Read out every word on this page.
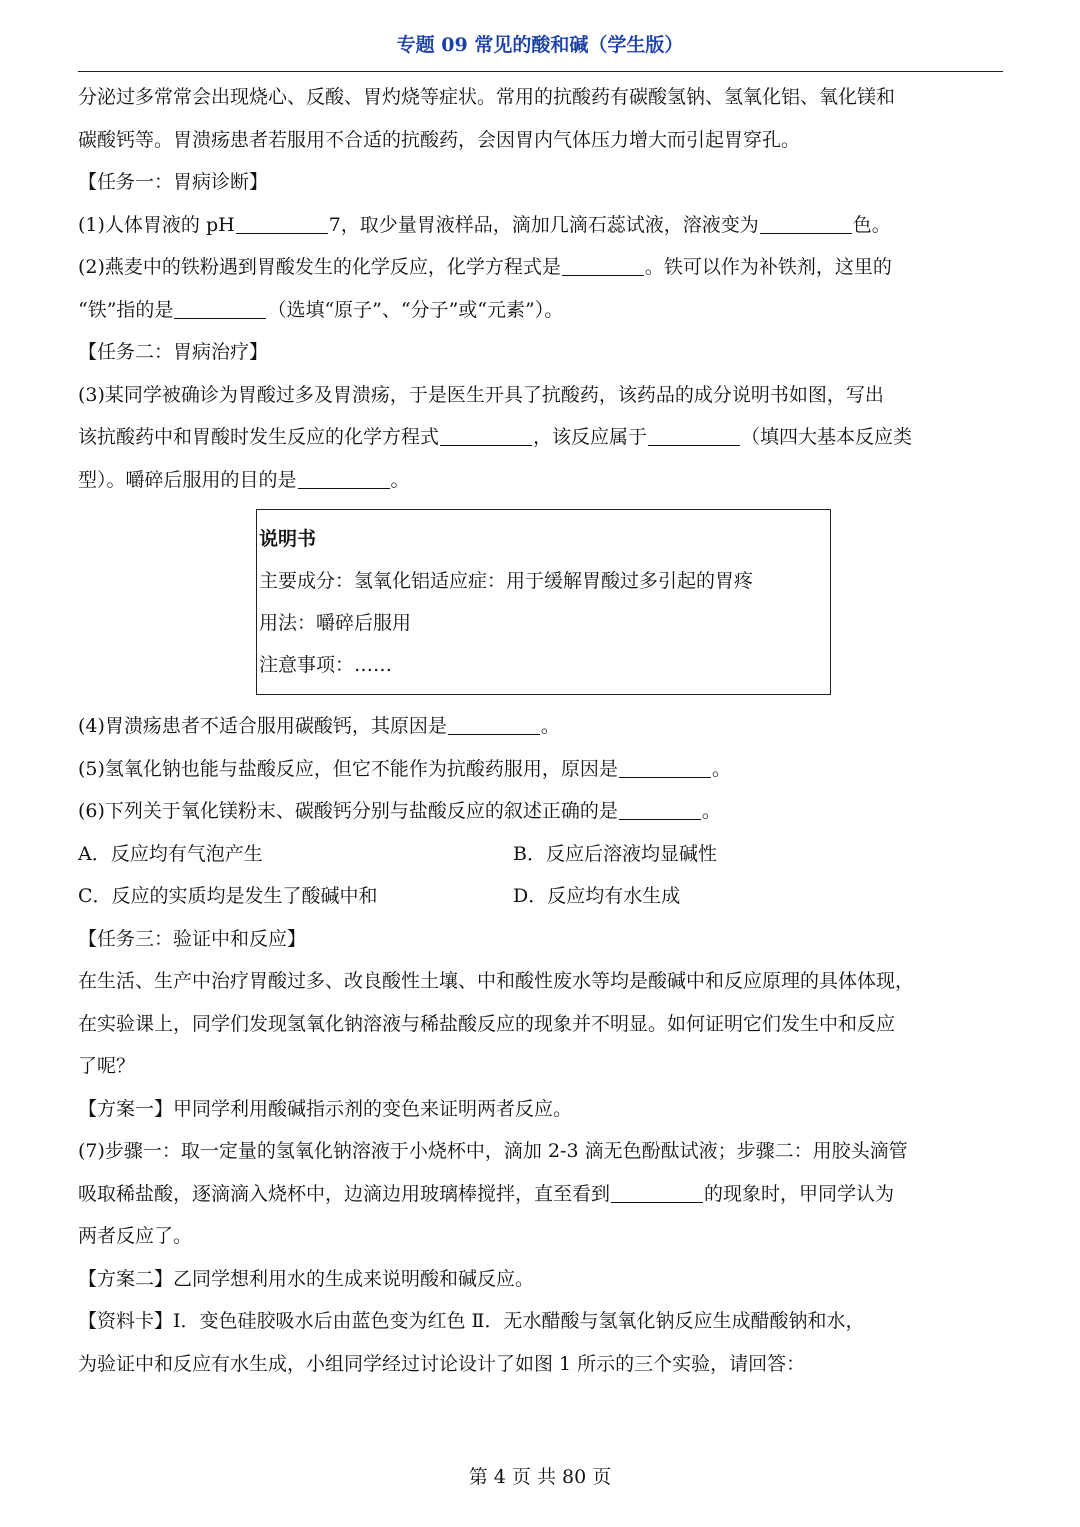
专题 09 常见的酸和碱（学生版）

分泌过多常常会出现烧心、反酸、胃灼烧等症状。常用的抗酸药有碳酸氢钠、氢氧化铝、氧化镁和

碳酸钙等。胃溃疡患者若服用不合适的抗酸药，会因胃内气体压力增大而引起胃穿孔。

【任务一：胃病诊断】

(1)人体胃液的 pH	7，取少量胃液样品，滴加几滴石蕊试液，溶液变为	色。

(2)燕麦中的铁粉遇到胃酸发生的化学反应，化学方程式是	。铁可以作为补铁剂，这里的

“铁”指的是	（选填“原子”、“分子”或“元素”）。

【任务二：胃病治疗】

(3)某同学被确诊为胃酸过多及胃溃疡，于是医生开具了抗酸药，该药品的成分说明书如图，写出

该抗酸药中和胃酸时发生反应的化学方程式	，该反应属于	（填四大基本反应类

型）。嚼碎后服用的目的是	。

说明书

主要成分：氢氧化铝适应症：用于缓解胃酸过多引起的胃疼

用法：嚼碎后服用

注意事项：……

(4)胃溃疡患者不适合服用碳酸钙，其原因是	。

(5)氢氧化钠也能与盐酸反应，但它不能作为抗酸药服用，原因是	。

(6)下列关于氧化镁粉末、碳酸钙分别与盐酸反应的叙述正确的是	。

A．反应均有气泡产生	B．反应后溶液均显碱性

C．反应的实质均是发生了酸碱中和	D．反应均有水生成

【任务三：验证中和反应】

在生活、生产中治疗胃酸过多、改良酸性土壤、中和酸性废水等均是酸碱中和反应原理的具体体现，

在实验课上，同学们发现氢氧化钠溶液与稀盐酸反应的现象并不明显。如何证明它们发生中和反应

了呢？

【方案一】甲同学利用酸碱指示剂的变色来证明两者反应。

(7)步骤一：取一定量的氢氧化钠溶液于小烧杯中，滴加 2-3 滴无色酚酞试液；步骤二：用胶头滴管

吸取稀盐酸，逐滴滴入烧杯中，边滴边用玻璃棒搅拌，直至看到	的现象时，甲同学认为

两者反应了。

【方案二】乙同学想利用水的生成来说明酸和碱反应。

【资料卡】Ⅰ．变色硅胶吸水后由蓝色变为红色 Ⅱ．无水醋酸与氢氧化钠反应生成醋酸钠和水，

为验证中和反应有水生成，小组同学经过讨论设计了如图 1 所示的三个实验，请回答：

第 4 页 共 80 页
